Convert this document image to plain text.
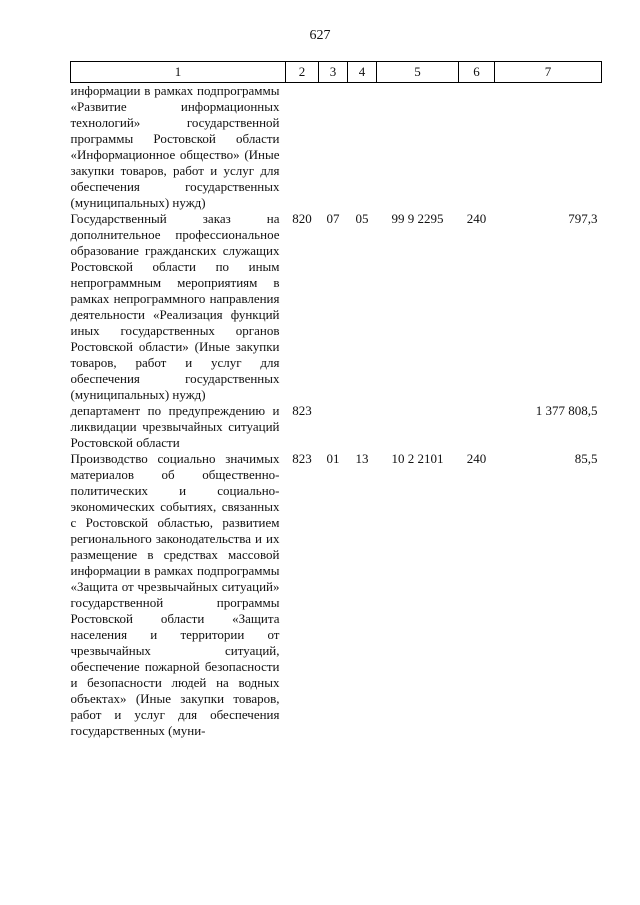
627
1	2	3	4	5	6	7
информации в рамках подпрограммы «Развитие информационных технологий» государственной программы Ростовской области «Информационное общество» (Иные закупки товаров, работ и услуг для обеспечения государственных (муниципальных) нужд)						
Государственный заказ на дополнительное профессиональное образование гражданских служащих Ростовской области по иным непрограммным мероприятиям в рамках непрограммного направления деятельности «Реализация функций иных государственных органов Ростовской области» (Иные закупки товаров, работ и услуг для обеспечения государственных (муниципальных) нужд)	820	07	05	99 9 2295	240	797,3
департамент по предупреждению и ликвидации чрезвычайных ситуаций Ростовской области	823					1 377 808,5
Производство социально значимых материалов об общественно-политических и социально-экономических событиях, связанных с Ростовской областью, развитием регионального законодательства и их размещение в средствах массовой информации в рамках подпрограммы «Защита от чрезвычайных ситуаций» государственной программы Ростовской области «Защита населения и территории от чрезвычайных ситуаций, обеспечение пожарной безопасности и безопасности людей на водных объектах» (Иные закупки товаров, работ и услуг для обеспечения государственных (муни-	823	01	13	10 2 2101	240	85,5
